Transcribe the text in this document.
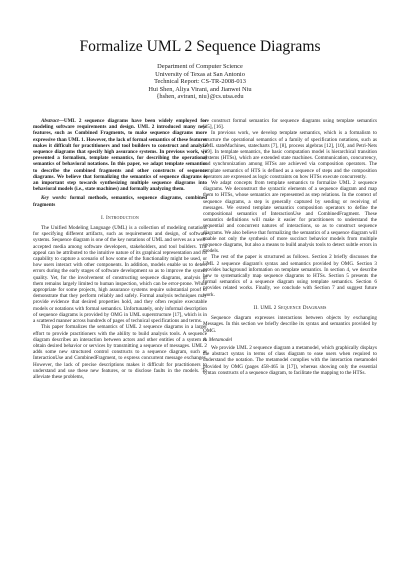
Formalize UML 2 Sequence Diagrams
Department of Computer Science
University of Texas at San Antonio
Technical Report: CS-TR-2008-013
Hui Shen, Aliya Virani, and Jianwei Niu
{hshen, avirani, niu}@cs.utsa.edu

Abstract—UML 2 sequence diagrams have been widely employed for modeling software requirements and design. UML 2 introduced many new features, such as Combined Fragments, to make sequence diagrams more expressive than UML 1. However, the lack of formal semantics of these features makes it difficult for practitioners and tool builders to construct and analyze sequence diagrams that specify high assurance systems. In previous work, we presented a formalism, template semantics, for describing the operational semantics of behavioral notations. In this paper, we adapt template semantics to describe the combined fragments and other constructs of sequence diagrams. We believe that formalizing the semantics of sequence diagrams is an important step towards synthesizing multiple sequence diagrams into behavioral models (i.e., state machines) and formally analyzing them.

Key words: formal methods, semantics, sequence diagrams, combined fragments

I. Introduction

The Unified Modeling Language (UML) is a collection of modeling notations for specifying different artifacts, such as requirements and design, of software systems. Sequence diagram is one of the key notations of UML and serves as a well-accepted media among software developers, stakeholders, and tool builders. The appeal can be attributed to the intuitive nature of its graphical representation and its capability to capture a scenario of how some of the functionality might be used, or how users interact with other components. In addition, models enable us to detect errors during the early stages of software development so as to improve the system quality. Yet, for the involvement of constructing sequence diagrams, analysis of them remains largely limited to human inspection, which can be error-prone. While appropriate for some projects, high assurance systems require substantial proof to demonstrate that they perform reliably and safely. Formal analysis techniques may provide evidence that desired properties hold, and they often require executable models or notations with formal semantics. Unfortunately, only informal description of sequence diagrams is provided by OMG in UML superstructure [17], which is in a scattered manner across hundreds of pages of technical specifications and terms.

This paper formalizes the semantics of UML 2 sequence diagrams in a larger effort to provide practitioners with the ability to build analysis tools. A sequence diagram describes an interaction between actors and other entities of a system to obtain desired behavior or services by transmitting a sequence of messages. UML 2 adds some new structured control constructs to a sequence diagram, such as InteractionUse and CombinedFragment, to express concurrent message exchanges. However, the lack of precise descriptions makes it difficult for practitioners to understand and use these new features, or to disclose faults in the models. To alleviate these problems,

we construct formal semantics for sequence diagrams using template semantics [15], [16].

In previous work, we develop template semantics, which is a formalism to structure the operational semantics of a family of specification notations, such as UML stateMachines, statecharts [7], [8], process algebras [12], [10], and Petri-Nets [19]. In template semantics, the basic computation model is hierarchical transition systems (HTSs), which are extended state machines. Communication, concurrency, and synchronization among HTSs are achieved via composition operators. The template semantics of HTS is defined as a sequence of steps and the composition operators are expressed as logic constraints on how HTSs execute concurrently.

We adapt concepts from template semantics to formalize UML 2 sequence diagrams. We deconstruct the syntactic elements of a sequence diagram and map them to HTSs, whose semantics are represented as step relations. In the context of sequence diagrams, a step is generally captured by sending or receiving of messages. We extend template semantics composition operators to define the compositional semantics of InteractionUse and CombinedFragment. These semantics definitions will make it easier for practitioners to understand the sequential and concurrent natures of interactions, so as to construct sequence diagrams. We also believe that formalizing the semantics of a sequence diagram will enable not only the synthesis of more succinct behavior models from multiple sequence diagrams, but also a means to build analysis tools to detect subtle errors in models.

The rest of the paper is structured as follows. Section 2 briefly discusses the UML 2 sequence diagram's syntax and semantics provided by OMG. Section 3 provides background information on template semantics. In section 4, we describe how to systematically map sequence diagrams to HTSs. Section 5 presents the formal semantics of a sequence diagram using template semantics. Section 6 provides related works. Finally, we conclude with Section 7 and suggest future work.

II. UML 2 Sequence Diagrams

Sequence diagram expresses interactions between objects by exchanging Messages. In this section we briefly describe its syntax and semantics provided by OMG.

A. Metamodel

We provide UML 2 sequence diagram a metamodel, which graphically displays the abstract syntax in terms of class diagram to ease users when required to understand the notation. The metamodel complies with the interaction metamodel provided by OMG (pages 458-465 in [17]), whereas showing only the essential syntax constructs of a sequence diagram, to facilitate the mapping to the HTSs.
